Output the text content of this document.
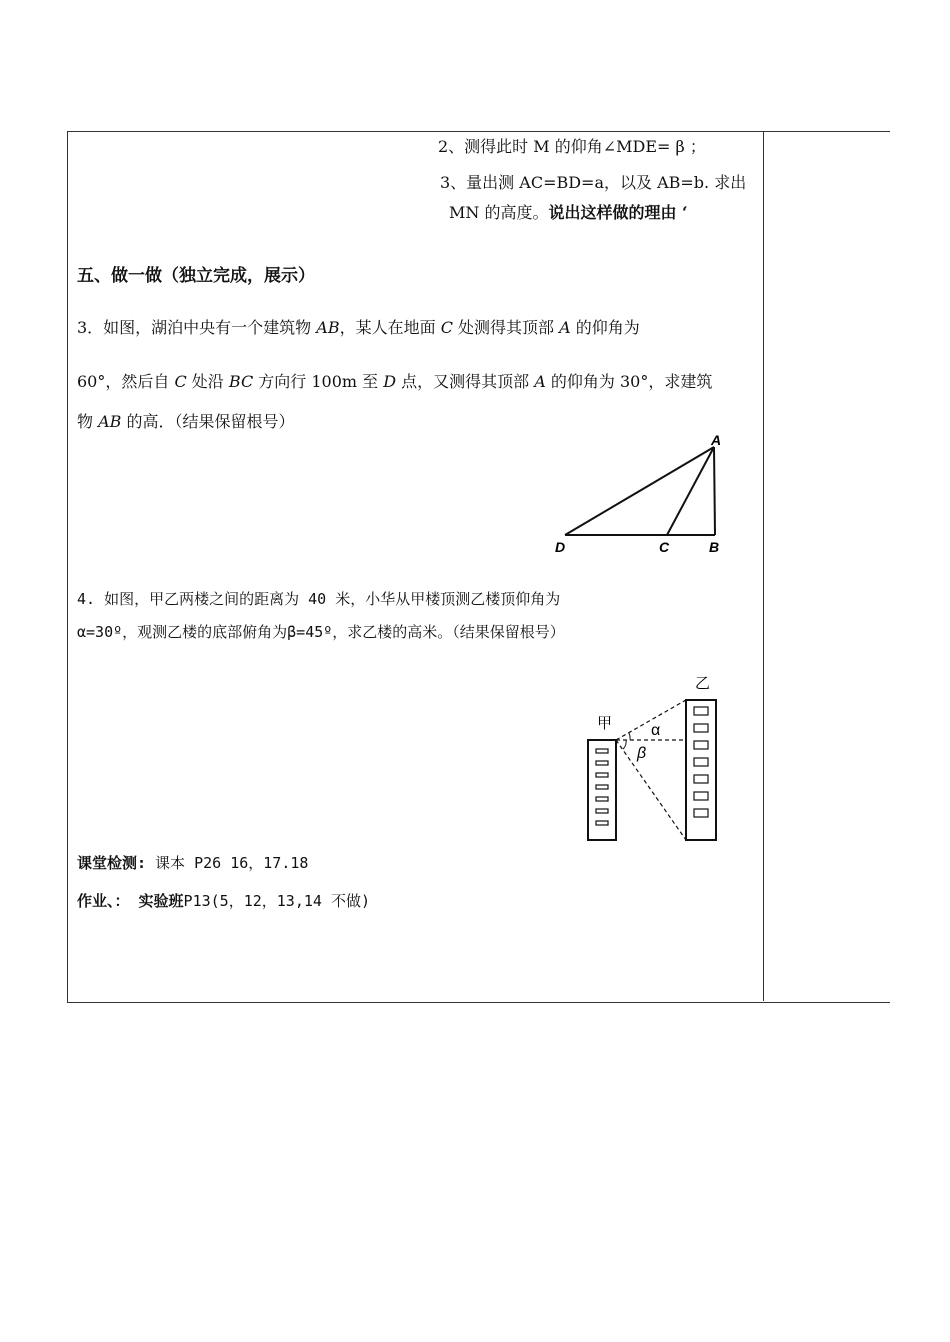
2、测得此时 M 的仰角∠MDE= β ；
3、量出测 AC=BD=a，以及 AB=b. 求出
MN 的高度。说出这样做的理由 ‘
五、做一做（独立完成，展示）
3．如图，湖泊中央有一个建筑物 AB，某人在地面 C 处测得其顶部 A 的仰角为
60°，然后自 C 处沿 BC 方向行 100m 至 D 点，又测得其顶部 A 的仰角为 30°，求建筑
物 AB 的高．（结果保留根号）
A
D	C	B
4. 如图，甲乙两楼之间的距离为 40 米，小华从甲楼顶测乙楼顶仰角为
α=30º，观测乙楼的底部俯角为β=45º，求乙楼的高米。（结果保留根号）
甲
乙
α
β
课堂检测: 课本 P26 16，17.18
作业、： 实验班P13(5，12，13,14 不做)
